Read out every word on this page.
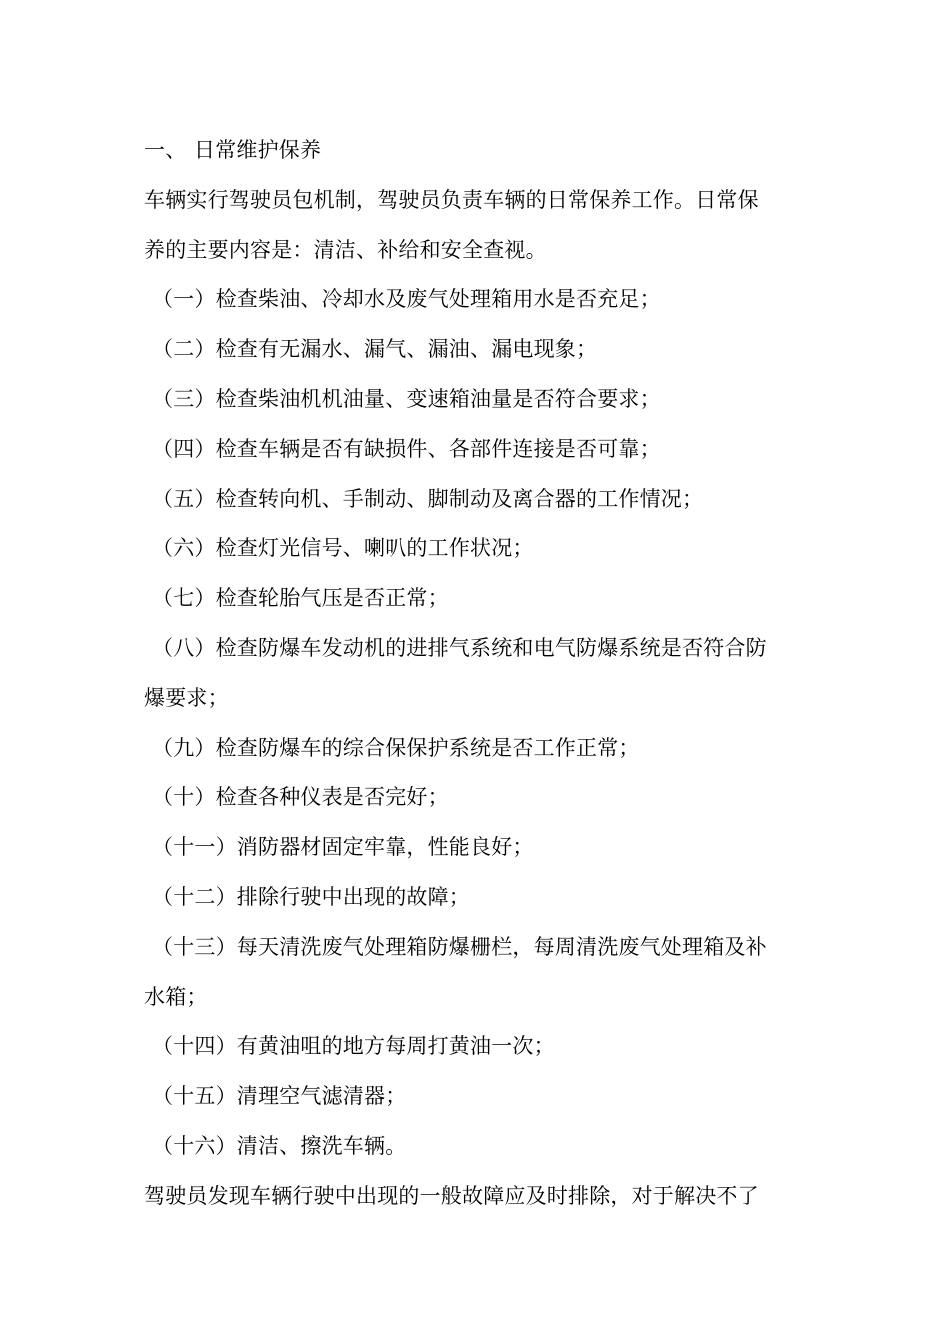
一、 日常维护保养
车辆实行驾驶员包机制，驾驶员负责车辆的日常保养工作。日常保
养的主要内容是：清洁、补给和安全查视。
（一）检查柴油、冷却水及废气处理箱用水是否充足；
（二）检查有无漏水、漏气、漏油、漏电现象；
（三）检查柴油机机油量、变速箱油量是否符合要求；
（四）检查车辆是否有缺损件、各部件连接是否可靠；
（五）检查转向机、手制动、脚制动及离合器的工作情况；
（六）检查灯光信号、喇叭的工作状况；
（七）检查轮胎气压是否正常；
（八）检查防爆车发动机的进排气系统和电气防爆系统是否符合防
爆要求；
（九）检查防爆车的综合保保护系统是否工作正常；
（十）检查各种仪表是否完好；
（十一）消防器材固定牢靠，性能良好；
（十二）排除行驶中出现的故障；
（十三）每天清洗废气处理箱防爆栅栏，每周清洗废气处理箱及补
水箱；
（十四）有黄油咀的地方每周打黄油一次；
（十五）清理空气滤清器；
（十六）清洁、擦洗车辆。
驾驶员发现车辆行驶中出现的一般故障应及时排除，对于解决不了
